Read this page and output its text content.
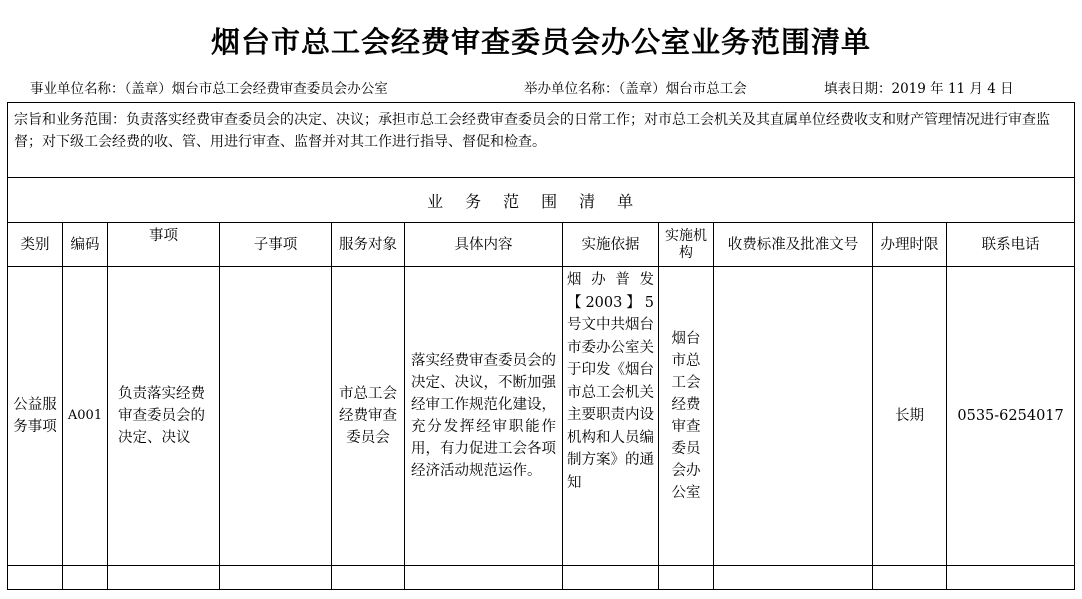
烟台市总工会经费审查委员会办公室业务范围清单
事业单位名称：（盖章）烟台市总工会经费审查委员会办公室	举办单位名称：（盖章）烟台市总工会	填表日期：2019 年 11 月 4 日
宗旨和业务范围：负责落实经费审查委员会的决定、决议；承担市总工会经费审查委员会的日常工作；对市总工会机关及其直属单位经费收支和财产管理情况进行审查监督；对下级工会经费的收、管、用进行审查、监督并对其工作进行指导、督促和检查。										
业务范围清单										
类别	编码	事项	子事项	服务对象	具体内容	实施依据	实施机构	收费标准及批准文号	办理时限	联系电话
公益服务事项	A001	负责落实经费审查委员会的决定、决议		市总工会经费审查委员会	落实经费审查委员会的决定、决议，不断加强经审工作规范化建设，充分发挥经审职能作用，有力促进工会各项经济活动规范运作。	烟办普发【2003】5号文中共烟台市委办公室关于印发《烟台市总工会机关主要职责内设机构和人员编制方案》的通知	烟台市总工会经费审查委员会办公室		长期	0535-6254017
